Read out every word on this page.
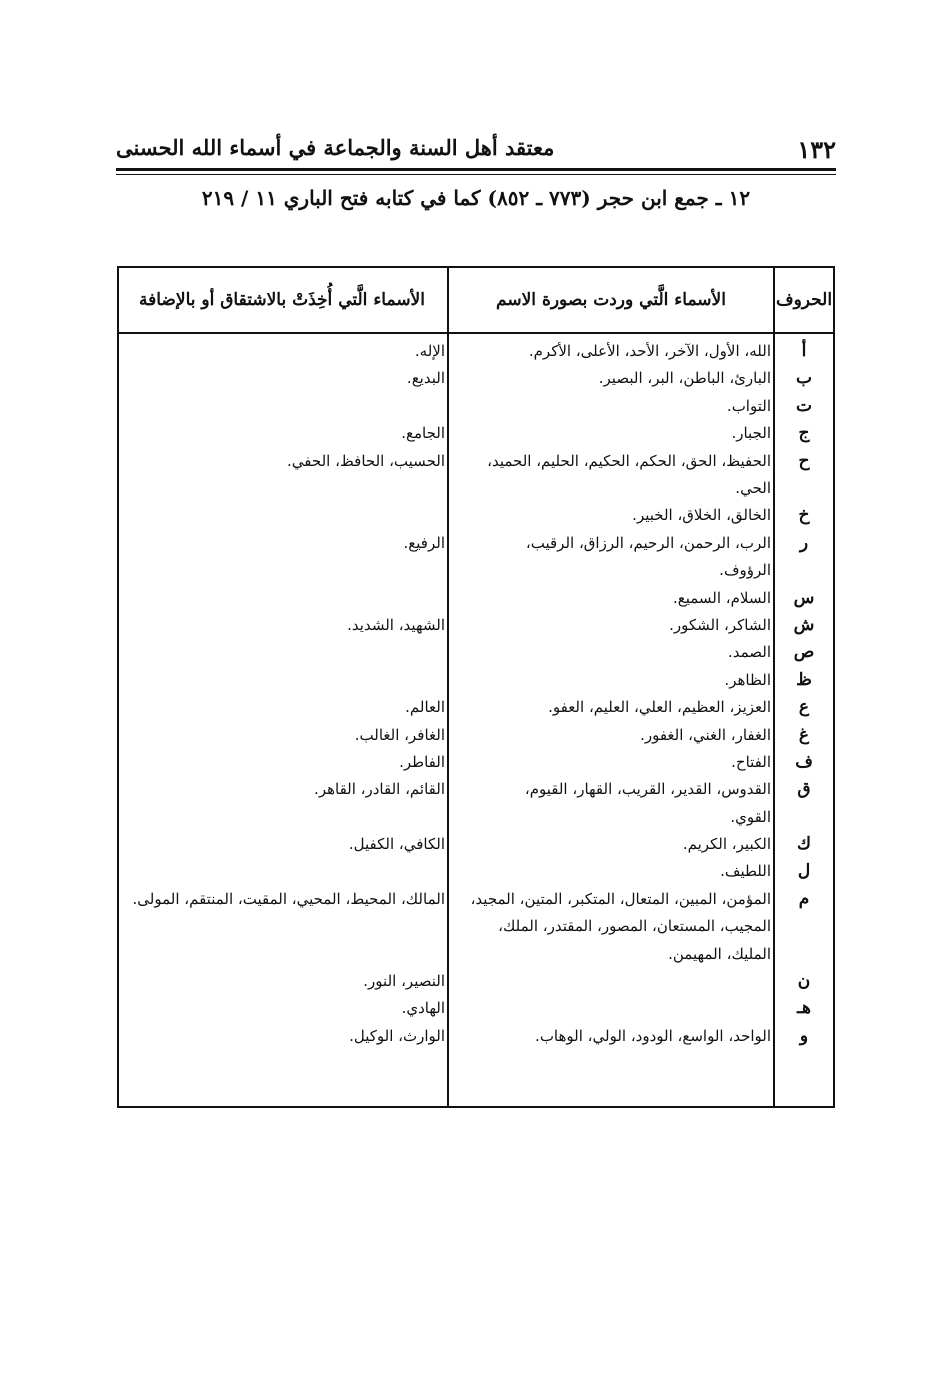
١٣٢
معتقد أهل السنة والجماعة في أسماء الله الحسنى
١٢ ـ جمع ابن حجر (٧٧٣ ـ ٨٥٢) كما في كتابه فتح الباري ١١ / ٢١٩
الحروف
الأسماء الَّتي وردت بصورة الاسم
الأسماء الَّتي أُخِذَتْ بالاشتقاق أو بالإضافة
أ
الله، الأول، الآخر، الأحد، الأعلى، الأكرم.
الإله.
ب
البارئ، الباطن، البر، البصير.
البديع.
ت
التواب.
ج
الجبار.
الجامع.
ح
الحفيظ، الحق، الحكم، الحكيم، الحليم، الحميد،
الحي.
الحسيب، الحافظ، الحفي.
خ
الخالق، الخلاق، الخبير.
ر
الرب، الرحمن، الرحيم، الرزاق، الرقيب،
الرؤوف.
الرفيع.
س
السلام، السميع.
ش
الشاكر، الشكور.
الشهيد، الشديد.
ص
الصمد.
ظ
الظاهر.
ع
العزيز، العظيم، العلي، العليم، العفو.
العالم.
غ
الغفار، الغني، الغفور.
الغافر، الغالب.
ف
الفتاح.
الفاطر.
ق
القدوس، القدير، القريب، القهار، القيوم،
القوي.
القائم، القادر، القاهر.
ك
الكبير، الكريم.
الكافي، الكفيل.
ل
اللطيف.
م
المؤمن، المبين، المتعال، المتكبر، المتين، المجيد،
المجيب، المستعان، المصور، المقتدر، الملك،
المليك، المهيمن.
المالك، المحيط، المحيي، المقيت، المنتقم، المولى.
ن
النصير، النور.
هـ
الهادي.
و
الواحد، الواسع، الودود، الولي، الوهاب.
الوارث، الوكيل.
